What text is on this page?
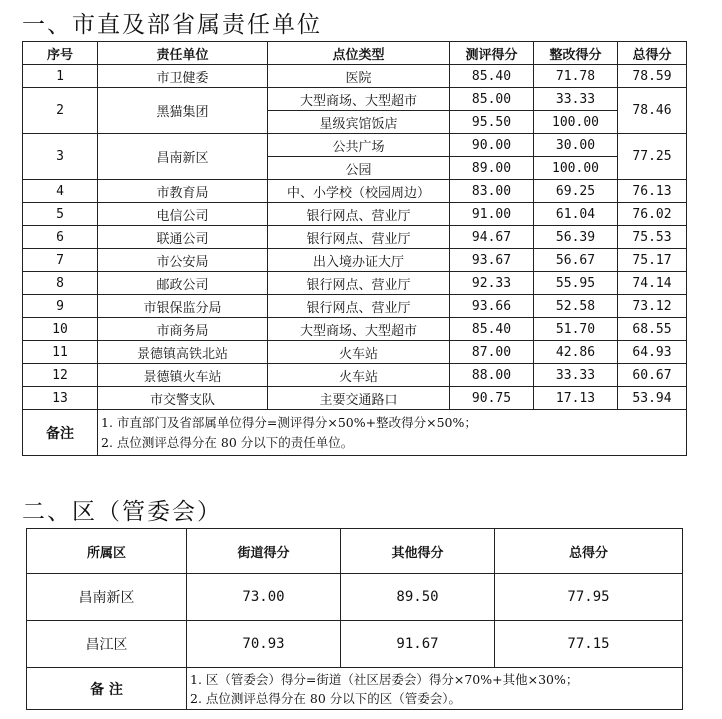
一、市直及部省属责任单位
序号	责任单位	点位类型	测评得分	整改得分	总得分
1	市卫健委	医院	85.40	71.78	78.59
2	黑猫集团	大型商场、大型超市	85.00	33.33	78.46
		星级宾馆饭店	95.50	100.00	
3	昌南新区	公共广场	90.00	30.00	77.25
		公园	89.00	100.00	
4	市教育局	中、小学校（校园周边）	83.00	69.25	76.13
5	电信公司	银行网点、营业厅	91.00	61.04	76.02
6	联通公司	银行网点、营业厅	94.67	56.39	75.53
7	市公安局	出入境办证大厅	93.67	56.67	75.17
8	邮政公司	银行网点、营业厅	92.33	55.95	74.14
9	市银保监分局	银行网点、营业厅	93.66	52.58	73.12
10	市商务局	大型商场、大型超市	85.40	51.70	68.55
11	景德镇高铁北站	火车站	87.00	42.86	64.93
12	景德镇火车站	火车站	88.00	33.33	60.67
13	市交警支队	主要交通路口	90.75	17.13	53.94
备注	1. 市直部门及省部属单位得分=测评得分×50%+整改得分×50%；
2. 点位测评总得分在 80 分以下的责任单位。				
二、区（管委会）
所属区	街道得分	其他得分	总得分
昌南新区	73.00	89.50	77.95
昌江区	70.93	91.67	77.15
备 注	1. 区（管委会）得分=街道（社区居委会）得分×70%+其他×30%；
2. 点位测评总得分在 80 分以下的区（管委会）。		
